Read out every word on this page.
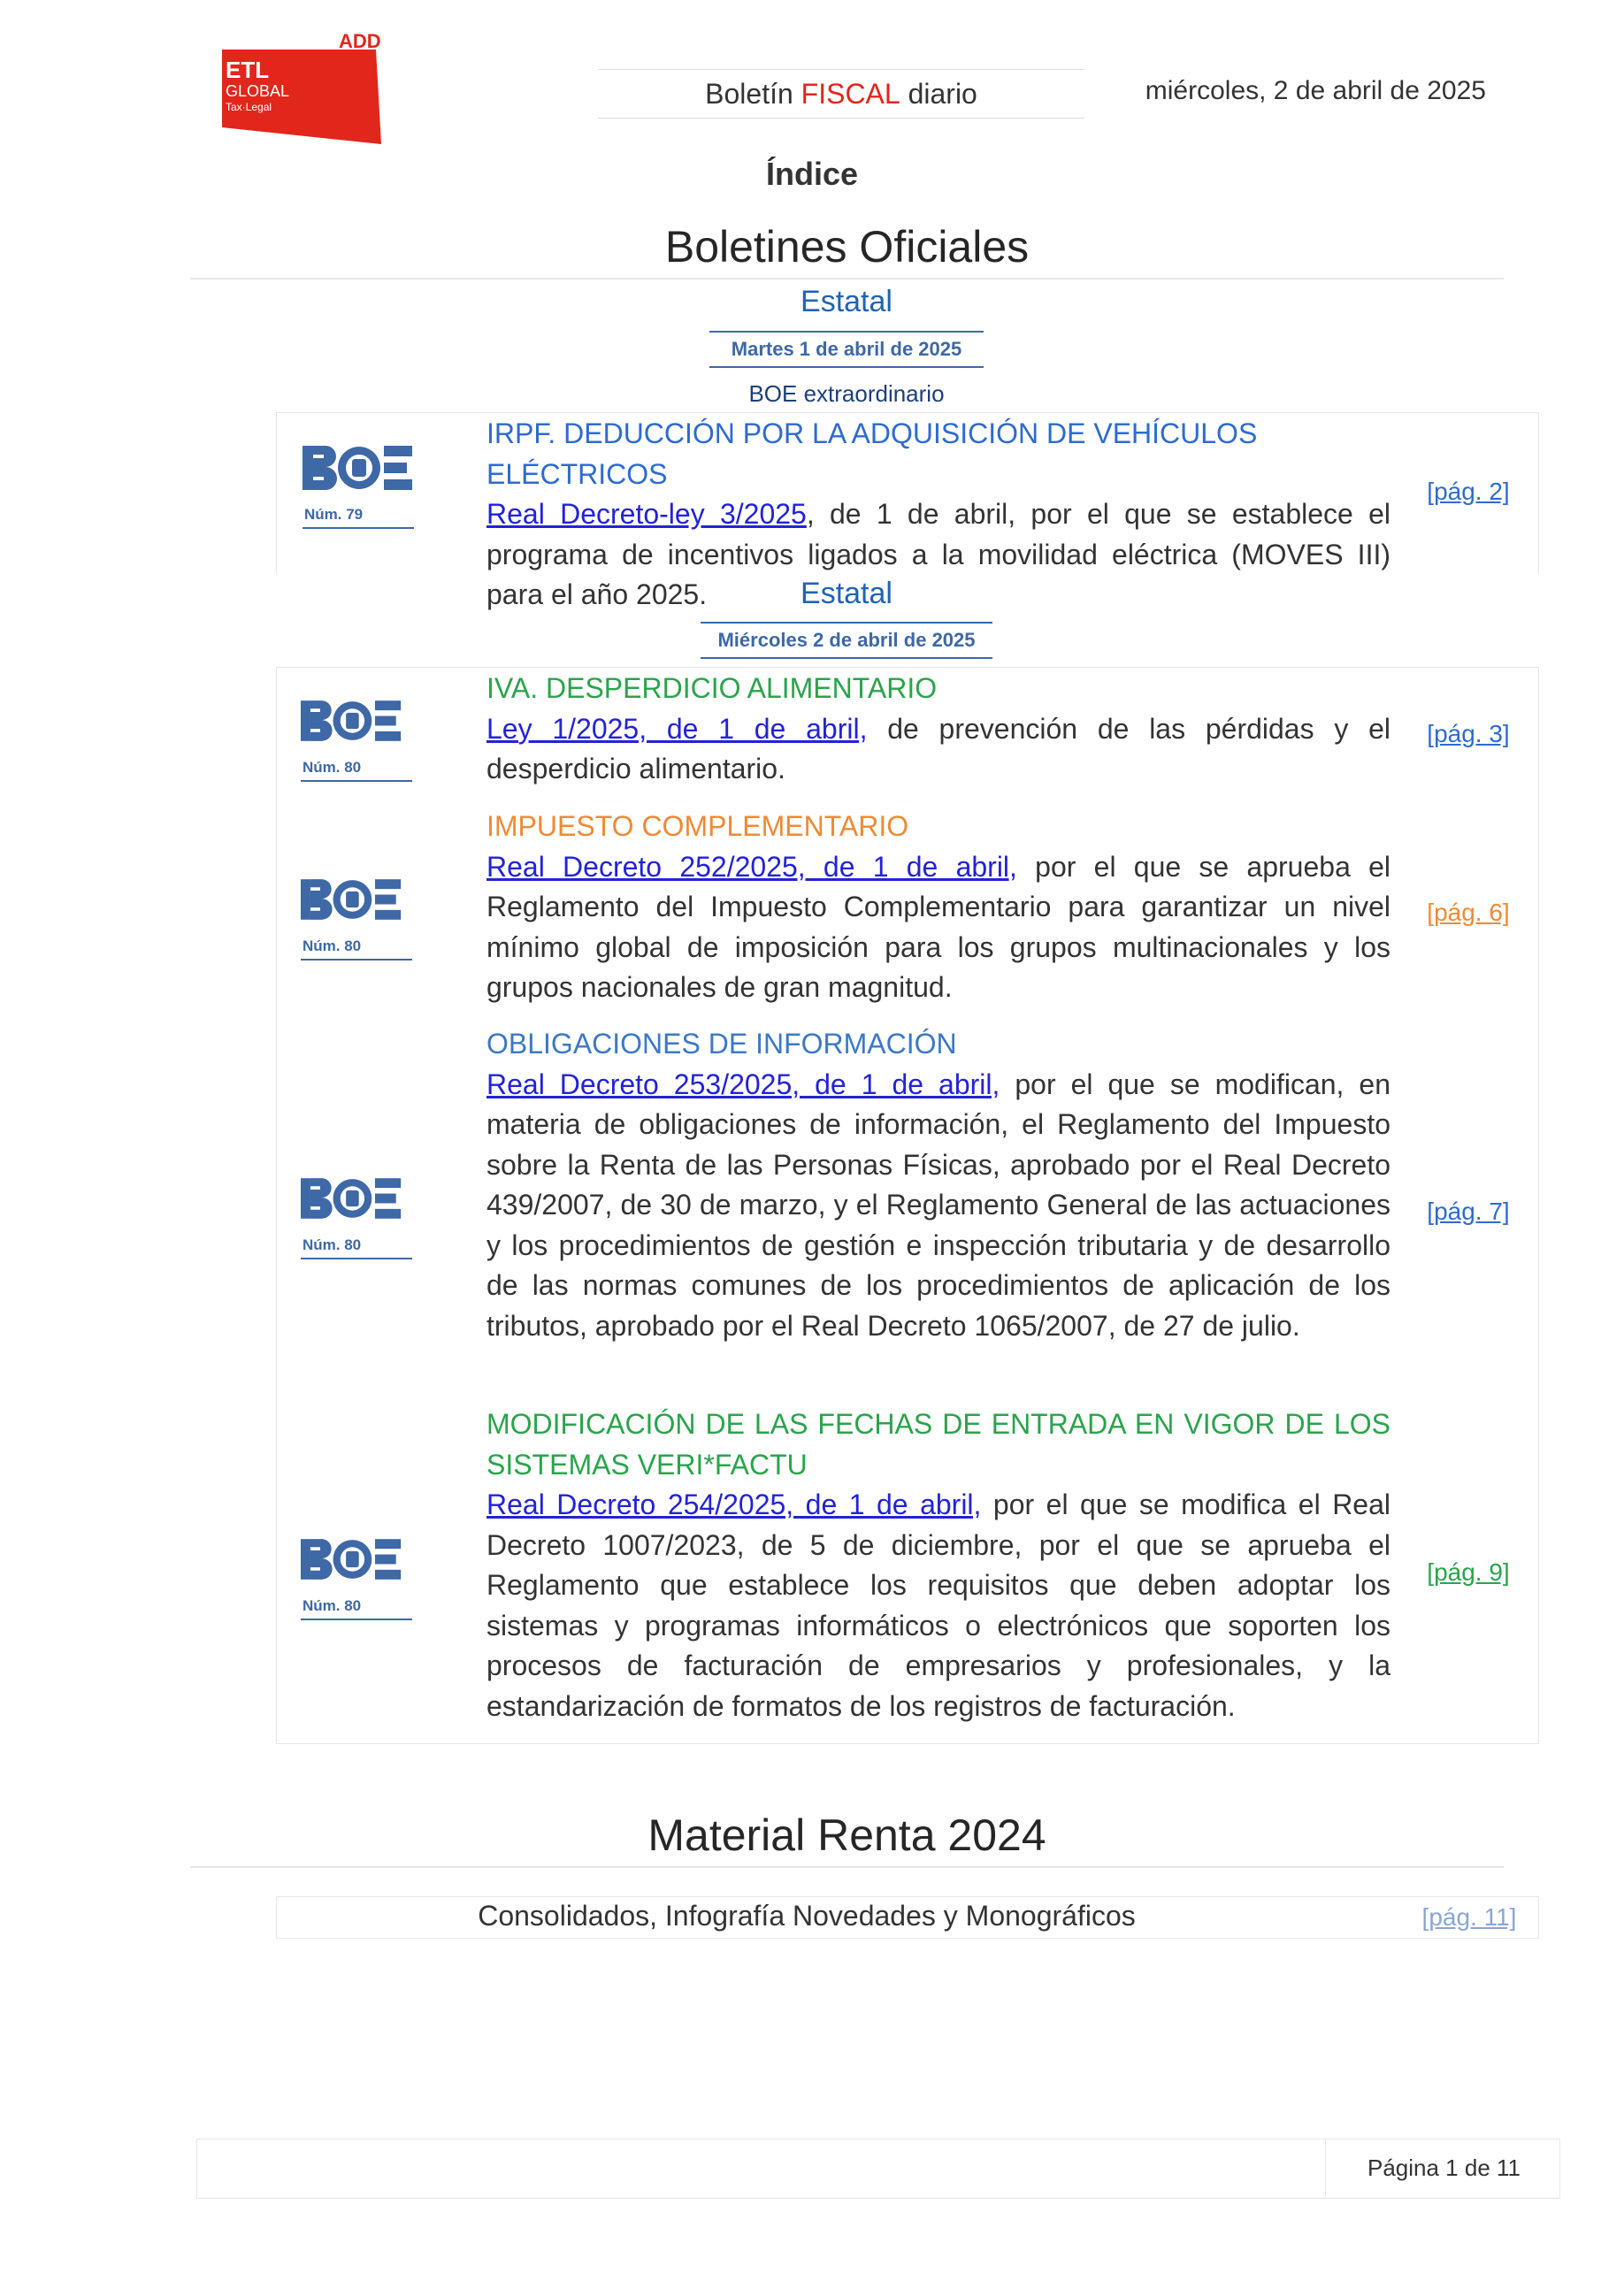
ADD
ETL
GLOBAL
Tax·Legal	Boletín
FISCAL
diario	miércoles, 2 de abril de 2025
Índice
Boletines Oficiales
Estatal
Martes 1 de abril de 2025
BOE extraordinario
Núm. 79
IRPF. DEDUCCIÓN POR LA ADQUISICIÓN DE VEHÍCULOS ELÉCTRICOS
Real Decreto-ley 3/2025, de 1 de abril, por el que se establece el programa de incentivos ligados a la movilidad eléctrica (MOVES III) para el año 2025.
[pág. 2]
Estatal
Miércoles 2 de abril de 2025
Núm. 80
IVA. DESPERDICIO ALIMENTARIO
Ley 1/2025, de 1 de abril, de prevención de las pérdidas y el desperdicio alimentario.
[pág. 3]
Núm. 80
IMPUESTO COMPLEMENTARIO
Real Decreto 252/2025, de 1 de abril, por el que se aprueba el Reglamento del Impuesto Complementario para garantizar un nivel mínimo global de imposición para los grupos multinacionales y los grupos nacionales de gran magnitud.
[pág. 6]
Núm. 80
OBLIGACIONES DE INFORMACIÓN
Real Decreto 253/2025, de 1 de abril, por el que se modifican, en materia de obligaciones de información, el Reglamento del Impuesto sobre la Renta de las Personas Físicas, aprobado por el Real Decreto 439/2007, de 30 de marzo, y el Reglamento General de las actuaciones y los procedimientos de gestión e inspección tributaria y de desarrollo de las normas comunes de los procedimientos de aplicación de los tributos, aprobado por el Real Decreto 1065/2007, de 27 de julio.
[pág. 7]
Núm. 80
MODIFICACIÓN DE LAS FECHAS DE ENTRADA EN VIGOR DE LOS SISTEMAS VERI*FACTU
Real Decreto 254/2025, de 1 de abril, por el que se modifica el Real Decreto 1007/2023, de 5 de diciembre, por el que se aprueba el Reglamento que establece los requisitos que deben adoptar los sistemas y programas informáticos o electrónicos que soporten los procesos de facturación de empresarios y profesionales, y la estandarización de formatos de los registros de facturación.
[pág. 9]
Material Renta 2024
Consolidados, Infografía Novedades y Monográficos	[pág. 11]
Página 1 de 11
